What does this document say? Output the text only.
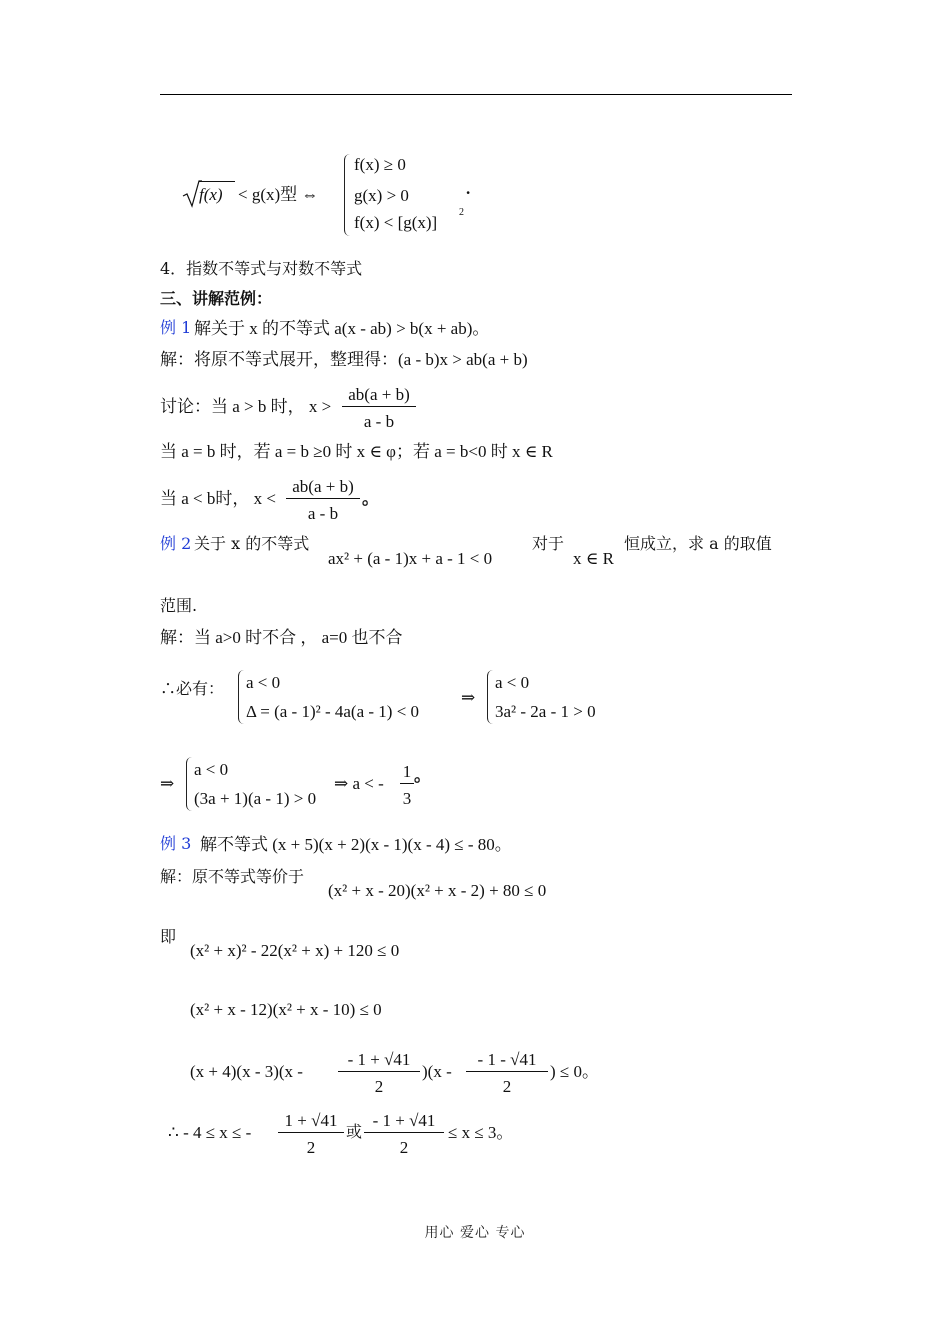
f(x) < g(x)型 ⇔
f(x) ≥ 0
g(x) > 0
f(x) < [g(x)]
2
.
4．指数不等式与对数不等式
三、讲解范例：
例 1 解关于 x 的不等式 a(x - ab) > b(x + ab)。
解：将原不等式展开，整理得：(a - b)x > ab(a + b)
讨论：当 a > b 时， x >
ab(a + b)
a - b
当 a = b 时，若 a = b ≥0 时 x ∈ φ；若 a = b<0 时 x ∈ R
当 a < b时， x <
ab(a + b)
a - b
。
例 2 关于 x 的不等式
ax² + (a - 1)x + a - 1 < 0
对于
x ∈ R
恒成立，求 a 的取值
范围.
解：当 a>0 时不合 ， a=0 也不合
∴必有： a < 0
Δ = (a - 1)² - 4a(a - 1) < 0
⇒
a < 0
3a² - 2a - 1 > 0
⇒
a < 0
(3a + 1)(a - 1) > 0
⇒ a < -
1
3
。
例 3 解不等式 (x + 5)(x + 2)(x - 1)(x - 4) ≤ - 80。
解：原不等式等价于
(x² + x - 20)(x² + x - 2) + 80 ≤ 0
即
(x² + x)² - 22(x² + x) + 120 ≤ 0
(x² + x - 12)(x² + x - 10) ≤ 0
(x + 4)(x - 3)(x -
- 1 + √41
2
)(x -
- 1 - √41
2
) ≤ 0。
∴ - 4 ≤ x ≤ -
1 + √41
2
或
- 1 + √41
2
≤ x ≤ 3。
用心 爱心 专心
